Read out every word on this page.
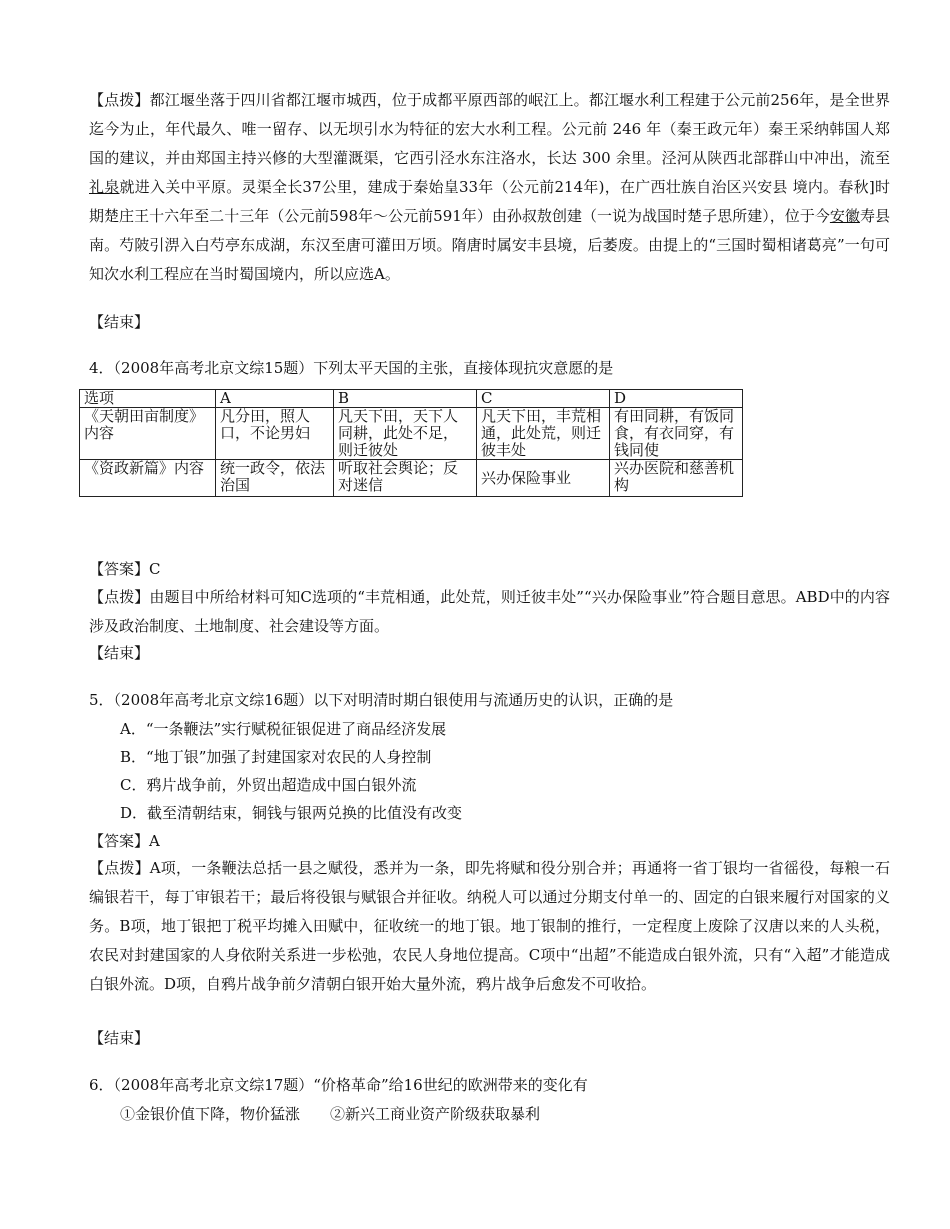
【点拨】都江堰坐落于四川省都江堰市城西，位于成都平原西部的岷江上。都江堰水利工程建于公元前256年，是全世界迄今为止，年代最久、唯一留存、以无坝引水为特征的宏大水利工程。公元前 246 年（秦王政元年）秦王采纳韩国人郑国的建议，并由郑国主持兴修的大型灌溉渠，它西引泾水东注洛水，长达 300 余里。泾河从陕西北部群山中冲出，流至礼泉就进入关中平原。灵渠全长37公里，建成于秦始皇33年（公元前214年)，在广西壮族自治区兴安县 境内。春秋]时期楚庄王十六年至二十三年（公元前598年～公元前591年）由孙叔敖创建（一说为战国时楚子思所建），位于今安徽寿县南。芍陂引淠入白芍亭东成湖，东汉至唐可灌田万顷。隋唐时属安丰县境，后萎废。由提上的“三国时蜀相诸葛亮”一句可知次水利工程应在当时蜀国境内，所以应选A。

【结束】
4．（2008年高考北京文综15题）下列太平天国的主张，直接体现抗灾意愿的是
选项	A	B	C	D
《天朝田亩制度》内容	凡分田，照人口，不论男妇	凡天下田，天下人同耕，此处不足，则迁彼处	凡天下田，丰荒相通，此处荒，则迁彼丰处	有田同耕，有饭同食，有衣同穿，有钱同使
《资政新篇》内容	统一政令，依法治国	听取社会舆论；反对迷信	兴办保险事业	兴办医院和慈善机构
【答案】C

【点拨】由题目中所给材料可知C选项的“丰荒相通，此处荒，则迁彼丰处”“兴办保险事业”符合题目意思。ABD中的内容涉及政治制度、土地制度、社会建设等方面。

【结束】
5．（2008年高考北京文综16题）以下对明清时期白银使用与流通历史的认识，正确的是
A．“一条鞭法”实行赋税征银促进了商品经济发展
B．“地丁银”加强了封建国家对农民的人身控制
C．鸦片战争前，外贸出超造成中国白银外流
D．截至清朝结束，铜钱与银两兑换的比值没有改变
【答案】A

【点拨】A项，一条鞭法总括一县之赋役，悉并为一条，即先将赋和役分别合并；再通将一省丁银均一省徭役，每粮一石编银若干，每丁审银若干；最后将役银与赋银合并征收。纳税人可以通过分期支付单一的、固定的白银来履行对国家的义务。B项，地丁银把丁税平均摊入田赋中，征收统一的地丁银。地丁银制的推行，一定程度上废除了汉唐以来的人头税，农民对封建国家的人身依附关系进一步松弛，农民人身地位提高。C项中“出超”不能造成白银外流，只有“入超”才能造成白银外流。D项，自鸦片战争前夕清朝白银开始大量外流，鸦片战争后愈发不可收拾。

【结束】
6．（2008年高考北京文综17题）“价格革命”给16世纪的欧洲带来的变化有
①金银价值下降，物价猛涨　　②新兴工商业资产阶级获取暴利
